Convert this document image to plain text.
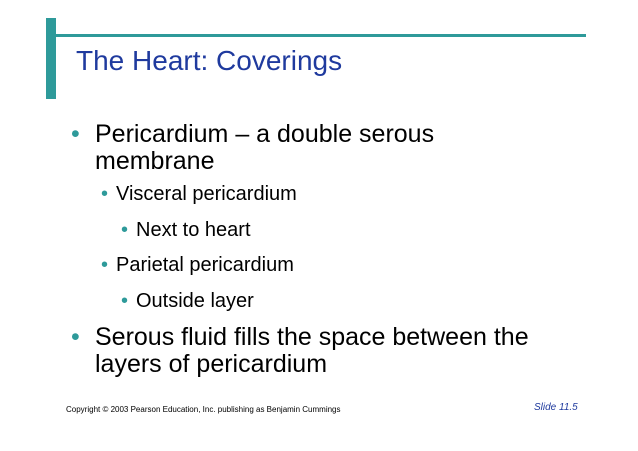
The Heart: Coverings
• Pericardium – a double serous
membrane
• Visceral pericardium
• Next to heart
• Parietal pericardium
• Outside layer
• Serous fluid fills the space between the
layers of pericardium
Copyright © 2003 Pearson Education, Inc. publishing as Benjamin Cummings	Slide 11.5
